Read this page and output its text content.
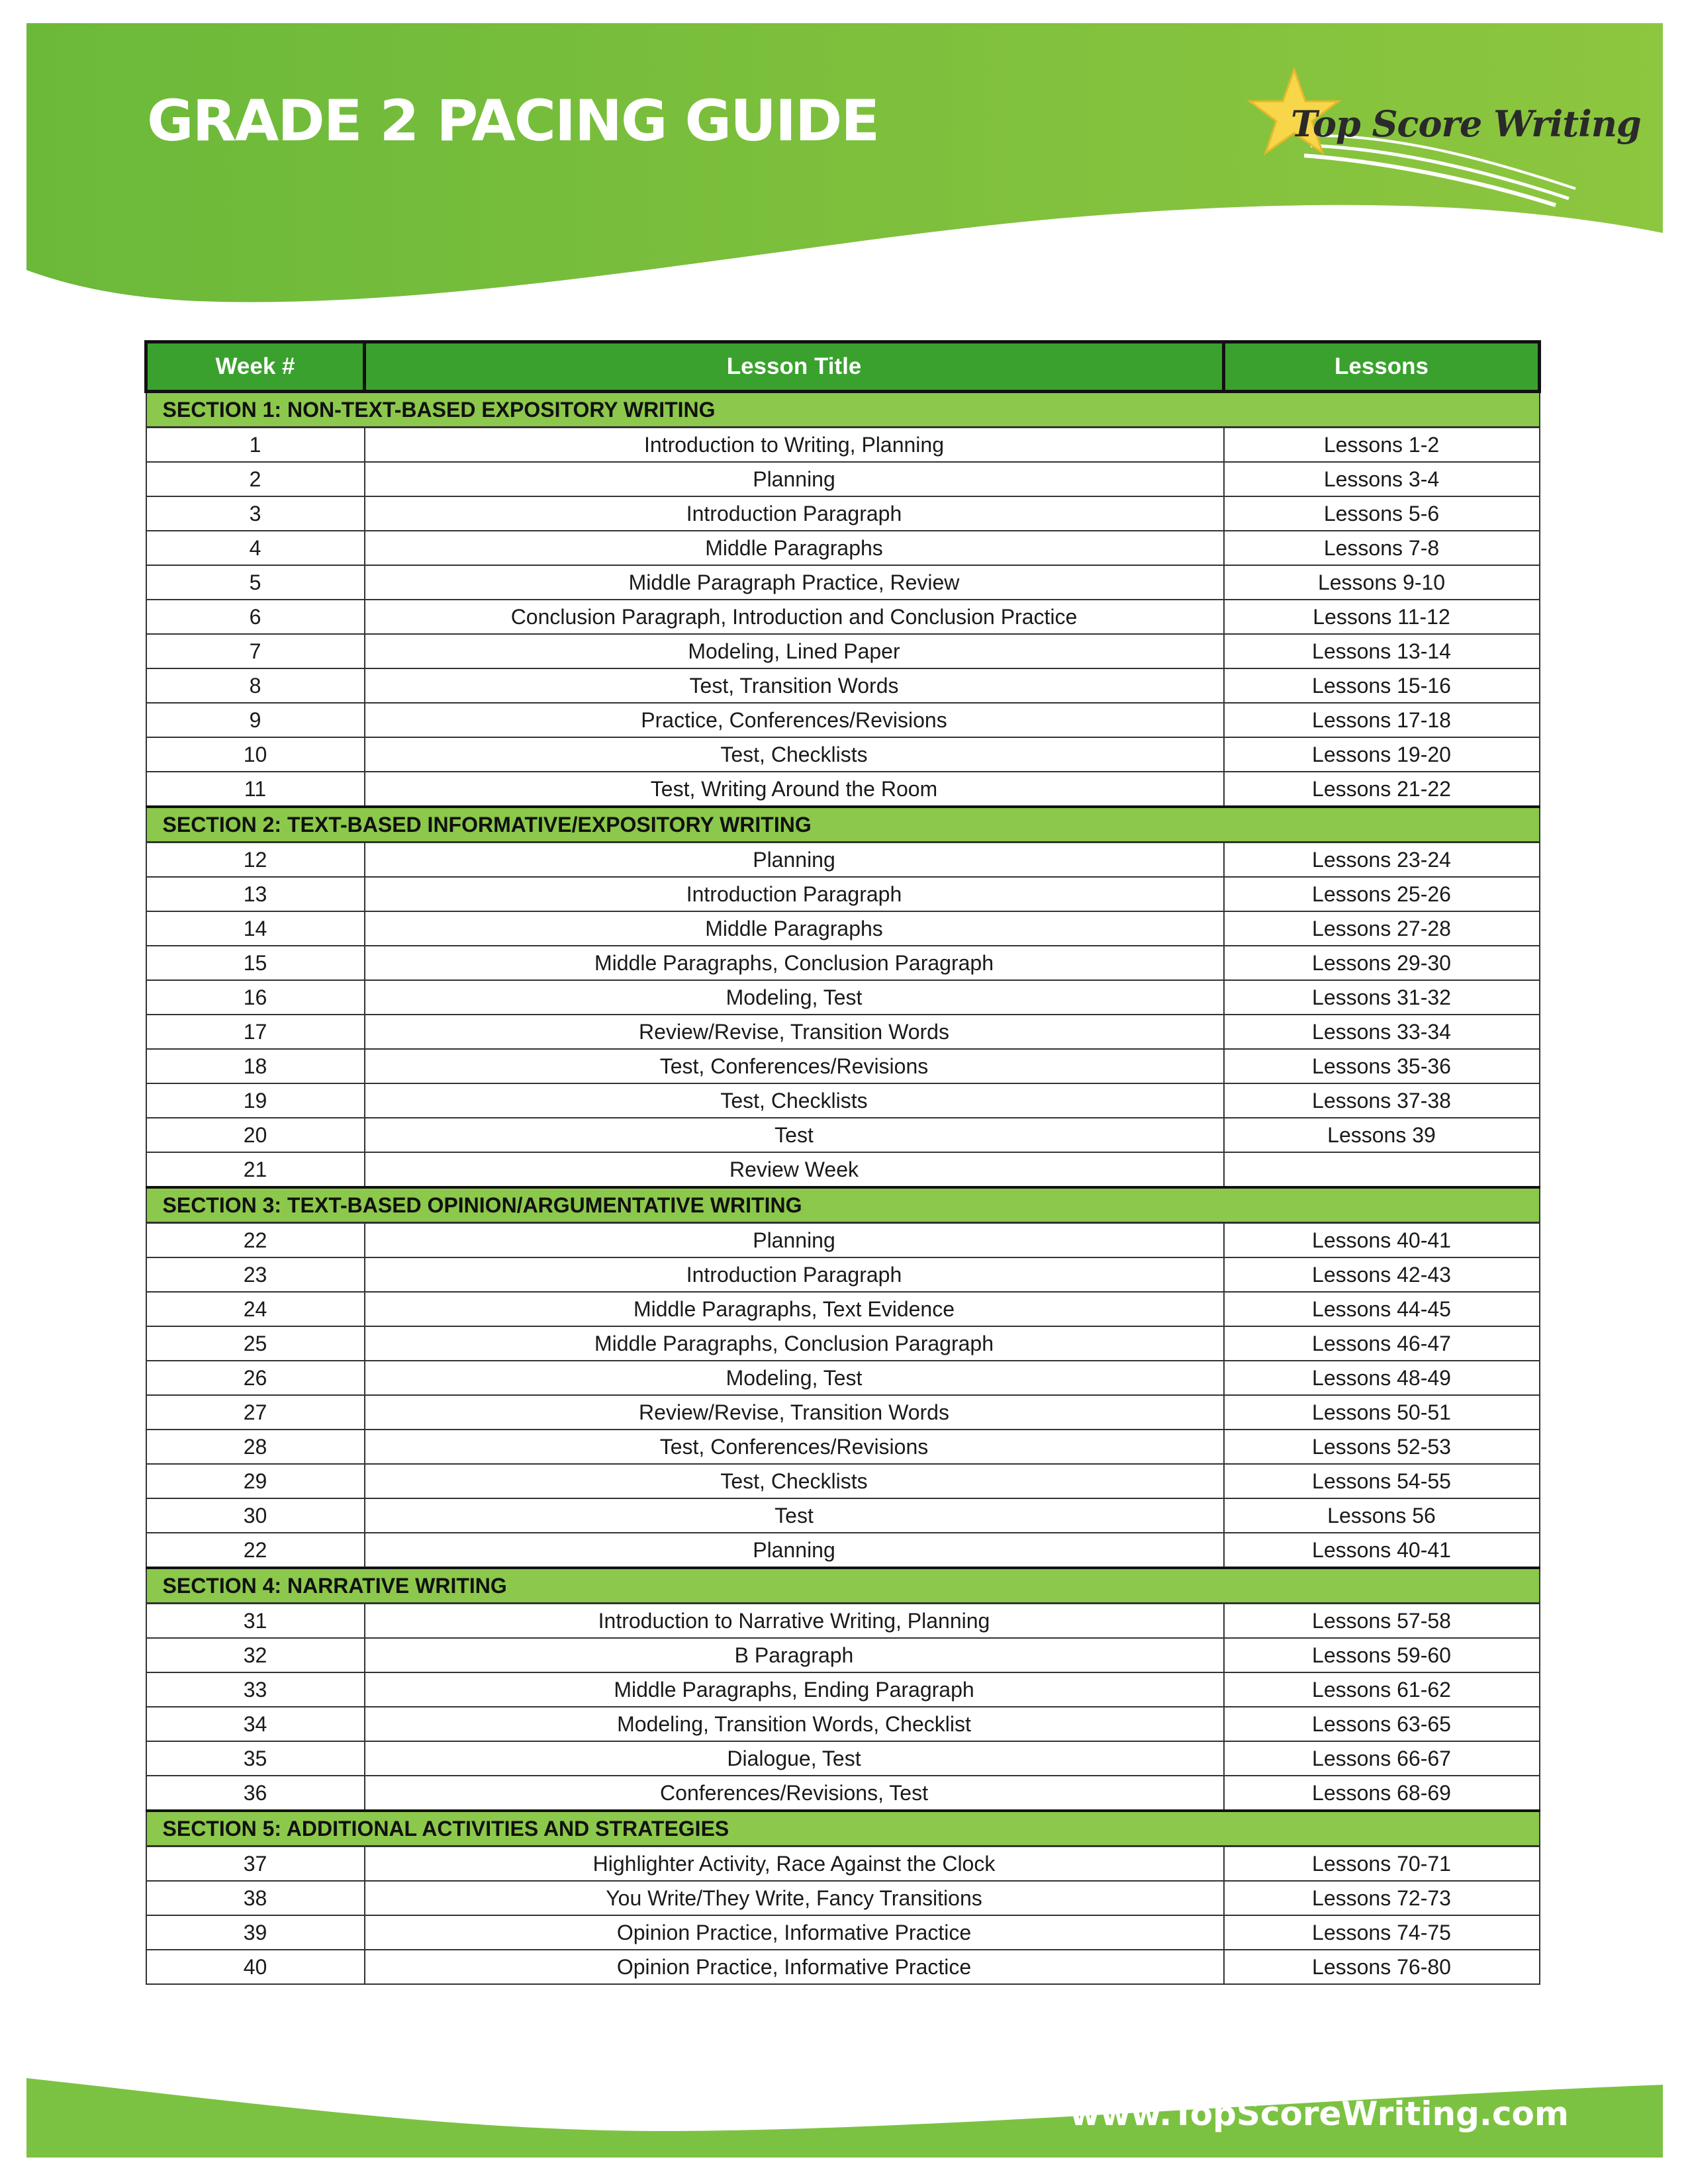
GRADE 2 PACING GUIDE	Top Score Writing
Week #	Lesson Title	Lessons
SECTION 1: NON-TEXT-BASED EXPOSITORY WRITING		
1	Introduction to Writing, Planning	Lessons 1-2
2	Planning	Lessons 3-4
3	Introduction Paragraph	Lessons 5-6
4	Middle Paragraphs	Lessons 7-8
5	Middle Paragraph Practice, Review	Lessons 9-10
6	Conclusion Paragraph, Introduction and Conclusion Practice	Lessons 11-12
7	Modeling, Lined Paper	Lessons 13-14
8	Test, Transition Words	Lessons 15-16
9	Practice, Conferences/Revisions	Lessons 17-18
10	Test, Checklists	Lessons 19-20
11	Test, Writing Around the Room	Lessons 21-22
SECTION 2: TEXT-BASED INFORMATIVE/EXPOSITORY WRITING		
12	Planning	Lessons 23-24
13	Introduction Paragraph	Lessons 25-26
14	Middle Paragraphs	Lessons 27-28
15	Middle Paragraphs, Conclusion Paragraph	Lessons 29-30
16	Modeling, Test	Lessons 31-32
17	Review/Revise, Transition Words	Lessons 33-34
18	Test, Conferences/Revisions	Lessons 35-36
19	Test, Checklists	Lessons 37-38
20	Test	Lessons 39
21	Review Week	
SECTION 3: TEXT-BASED OPINION/ARGUMENTATIVE WRITING		
22	Planning	Lessons 40-41
23	Introduction Paragraph	Lessons 42-43
24	Middle Paragraphs, Text Evidence	Lessons 44-45
25	Middle Paragraphs, Conclusion Paragraph	Lessons 46-47
26	Modeling, Test	Lessons 48-49
27	Review/Revise, Transition Words	Lessons 50-51
28	Test, Conferences/Revisions	Lessons 52-53
29	Test, Checklists	Lessons 54-55
30	Test	Lessons 56
22	Planning	Lessons 40-41
SECTION 4: NARRATIVE WRITING		
31	Introduction to Narrative Writing, Planning	Lessons 57-58
32	B Paragraph	Lessons 59-60
33	Middle Paragraphs, Ending Paragraph	Lessons 61-62
34	Modeling, Transition Words, Checklist	Lessons 63-65
35	Dialogue, Test	Lessons 66-67
36	Conferences/Revisions, Test	Lessons 68-69
SECTION 5: ADDITIONAL ACTIVITIES AND STRATEGIES		
37	Highlighter Activity, Race Against the Clock	Lessons 70-71
38	You Write/They Write, Fancy Transitions	Lessons 72-73
39	Opinion Practice, Informative Practice	Lessons 74-75
40	Opinion Practice, Informative Practice	Lessons 76-80
www.TopScoreWriting.com
